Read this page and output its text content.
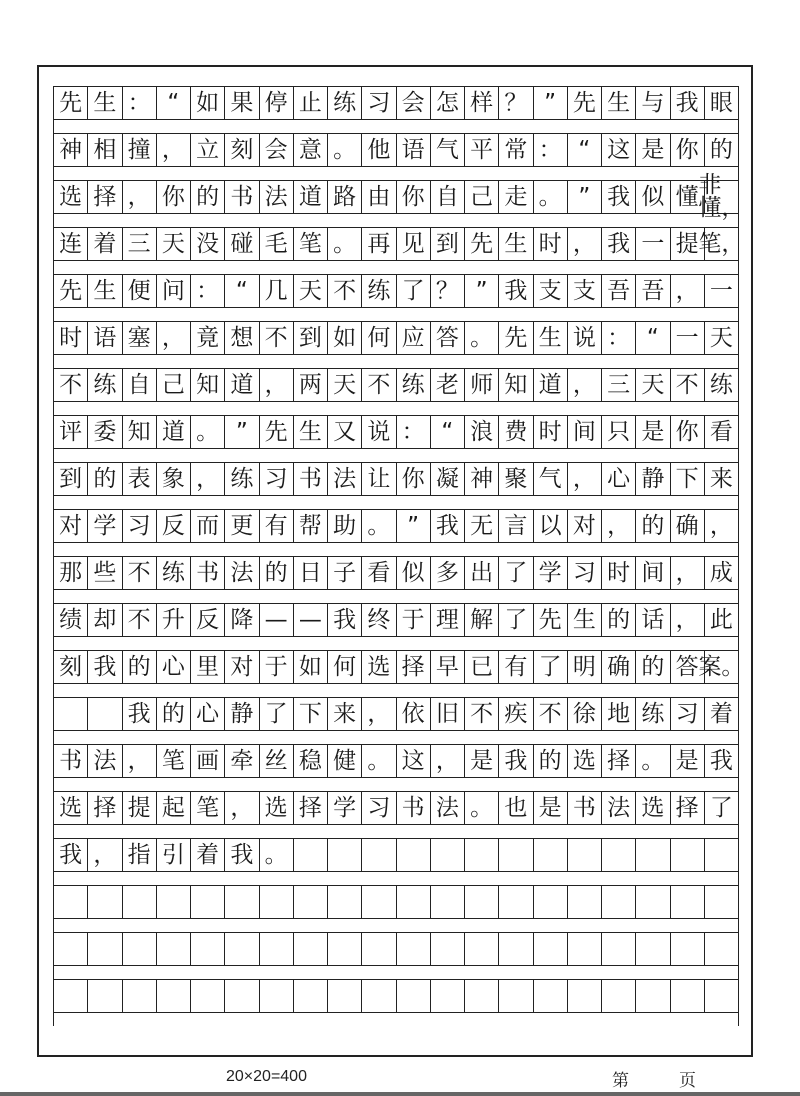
先 生 ： “ 如 果 停 止 练 习 会 怎 样 ？ ” 先 生 与 我 眼
神 相 撞 ， 立 刻 会 意 。 他 语 气 平 常 ： “ 这 是 你 的
选 择 ， 你 的 书 法 道 路 由 你 自 己 走 。 ” 我 似 懂 非懂，
连 着 三 天 没 碰 毛 笔 。 再 见 到 先 生 时 ， 我 一 提 笔，
先 生 便 问 ： “ 几 天 不 练 了 ？ ” 我 支 支 吾 吾 ， 一
时 语 塞 ， 竟 想 不 到 如 何 应 答 。 先 生 说 ： “ 一 天
不 练 自 己 知 道 ， 两 天 不 练 老 师 知 道 ， 三 天 不 练
评 委 知 道 。 ” 先 生 又 说 ： “ 浪 费 时 间 只 是 你 看
到 的 表 象 ， 练 习 书 法 让 你 凝 神 聚 气 ， 心 静 下 来
对 学 习 反 而 更 有 帮 助 。 ” 我 无 言 以 对 ， 的 确 ，
那 些 不 练 书 法 的 日 子 看 似 多 出 了 学 习 时 间 ， 成
绩 却 不 升 反 降 — — 我 终 于 理 解 了 先 生 的 话 ， 此
刻 我 的 心 里 对 于 如 何 选 择 早 已 有 了 明 确 的 答 案。
我 的 心 静 了 下 来 ， 依 旧 不 疾 不 徐 地 练 习 着
书 法 ， 笔 画 牵 丝 稳 健 。 这 ， 是 我 的 选 择 。 是 我
选 择 提 起 笔 ， 选 择 学 习 书 法 。 也 是 书 法 选 择 了
我 ， 指 引 着 我 。
20×20=400	第	页
